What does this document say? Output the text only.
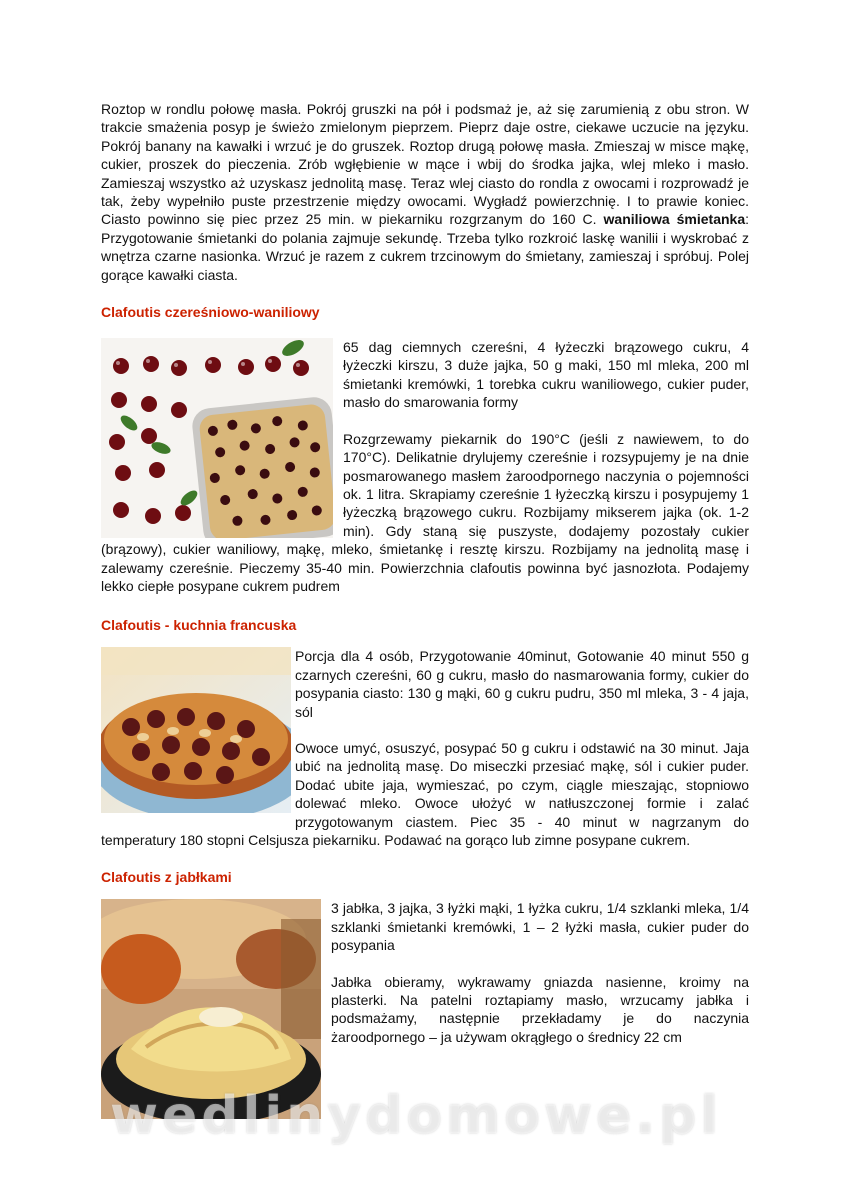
Roztop w rondlu połowę masła. Pokrój gruszki na pół i podsmaż je, aż się zarumienią z obu stron. W trakcie smażenia posyp je świeżo zmielonym pieprzem. Pieprz daje ostre, ciekawe uczucie na języku. Pokrój banany na kawałki i wrzuć je do gruszek. Roztop drugą połowę masła. Zmieszaj w misce mąkę, cukier, proszek do pieczenia. Zrób wgłębienie w mące i wbij do środka jajka, wlej mleko i masło. Zamieszaj wszystko aż uzyskasz jednolitą masę. Teraz wlej ciasto do rondla z owocami i rozprowadź je tak, żeby wypełniło puste przestrzenie między owocami. Wygładź powierzchnię. I to prawie koniec. Ciasto powinno się piec przez 25 min. w piekarniku rozgrzanym do 160 C. waniliowa śmietanka: Przygotowanie śmietanki do polania zajmuje sekundę. Trzeba tylko rozkroić laskę wanilii i wyskrobać z wnętrza czarne nasionka. Wrzuć je razem z cukrem trzcinowym do śmietany, zamieszaj i spróbuj. Polej gorące kawałki ciasta.

Clafoutis czereśniowo-waniliowy

65 dag ciemnych czereśni, 4 łyżeczki brązowego cukru, 4 łyżeczki kirszu, 3 duże jajka, 50 g maki, 150 ml mleka, 200 ml śmietanki kremówki, 1 torebka cukru waniliowego, cukier puder, masło do smarowania formy

Rozgrzewamy piekarnik do 190°C (jeśli z nawiewem, to do 170°C). Delikatnie drylujemy czereśnie i rozsypujemy je na dnie posmarowanego masłem żaroodpornego naczynia o pojemności ok. 1 litra. Skrapiamy czereśnie 1 łyżeczką kirszu i posypujemy 1 łyżeczką brązowego cukru. Rozbijamy mikserem jajka (ok. 1-2 min). Gdy staną się puszyste, dodajemy pozostały cukier (brązowy), cukier waniliowy, mąkę, mleko, śmietankę i resztę kirszu. Rozbijamy na jednolitą masę i zalewamy czereśnie. Pieczemy 35-40 min. Powierzchnia clafoutis powinna być jasnozłota. Podajemy lekko ciepłe posypane cukrem pudrem

Clafoutis - kuchnia francuska

Porcja dla 4 osób, Przygotowanie 40minut, Gotowanie 40 minut 550 g czarnych czereśni, 60 g cukru, masło do nasmarowania formy, cukier do posypania ciasto: 130 g mąki, 60 g cukru pudru, 350 ml mleka, 3 - 4 jaja, sól

Owoce umyć, osuszyć, posypać 50 g cukru i odstawić na 30 minut. Jaja ubić na jednolitą masę. Do miseczki przesiać mąkę, sól i cukier puder. Dodać ubite jaja, wymieszać, po czym, ciągle mieszając, stopniowo dolewać mleko. Owoce ułożyć w natłuszczonej formie i zalać przygotowanym ciastem. Piec 35 - 40 minut w nagrzanym do temperatury 180 stopni Celsjusza piekarniku. Podawać na gorąco lub zimne posypane cukrem.

Clafoutis z jabłkami

3 jabłka, 3 jajka, 3 łyżki mąki, 1 łyżka cukru, 1/4 szklanki mleka, 1/4 szklanki śmietanki kremówki, 1 – 2 łyżki masła, cukier puder do posypania

Jabłka obieramy, wykrawamy gniazda nasienne, kroimy na plasterki. Na patelni roztapiamy masło, wrzucamy jabłka i podsmażamy, następnie przekładamy je do naczynia żaroodpornego – ja używam okrągłego o średnicy 22 cm

wedlinydomowe.pl
